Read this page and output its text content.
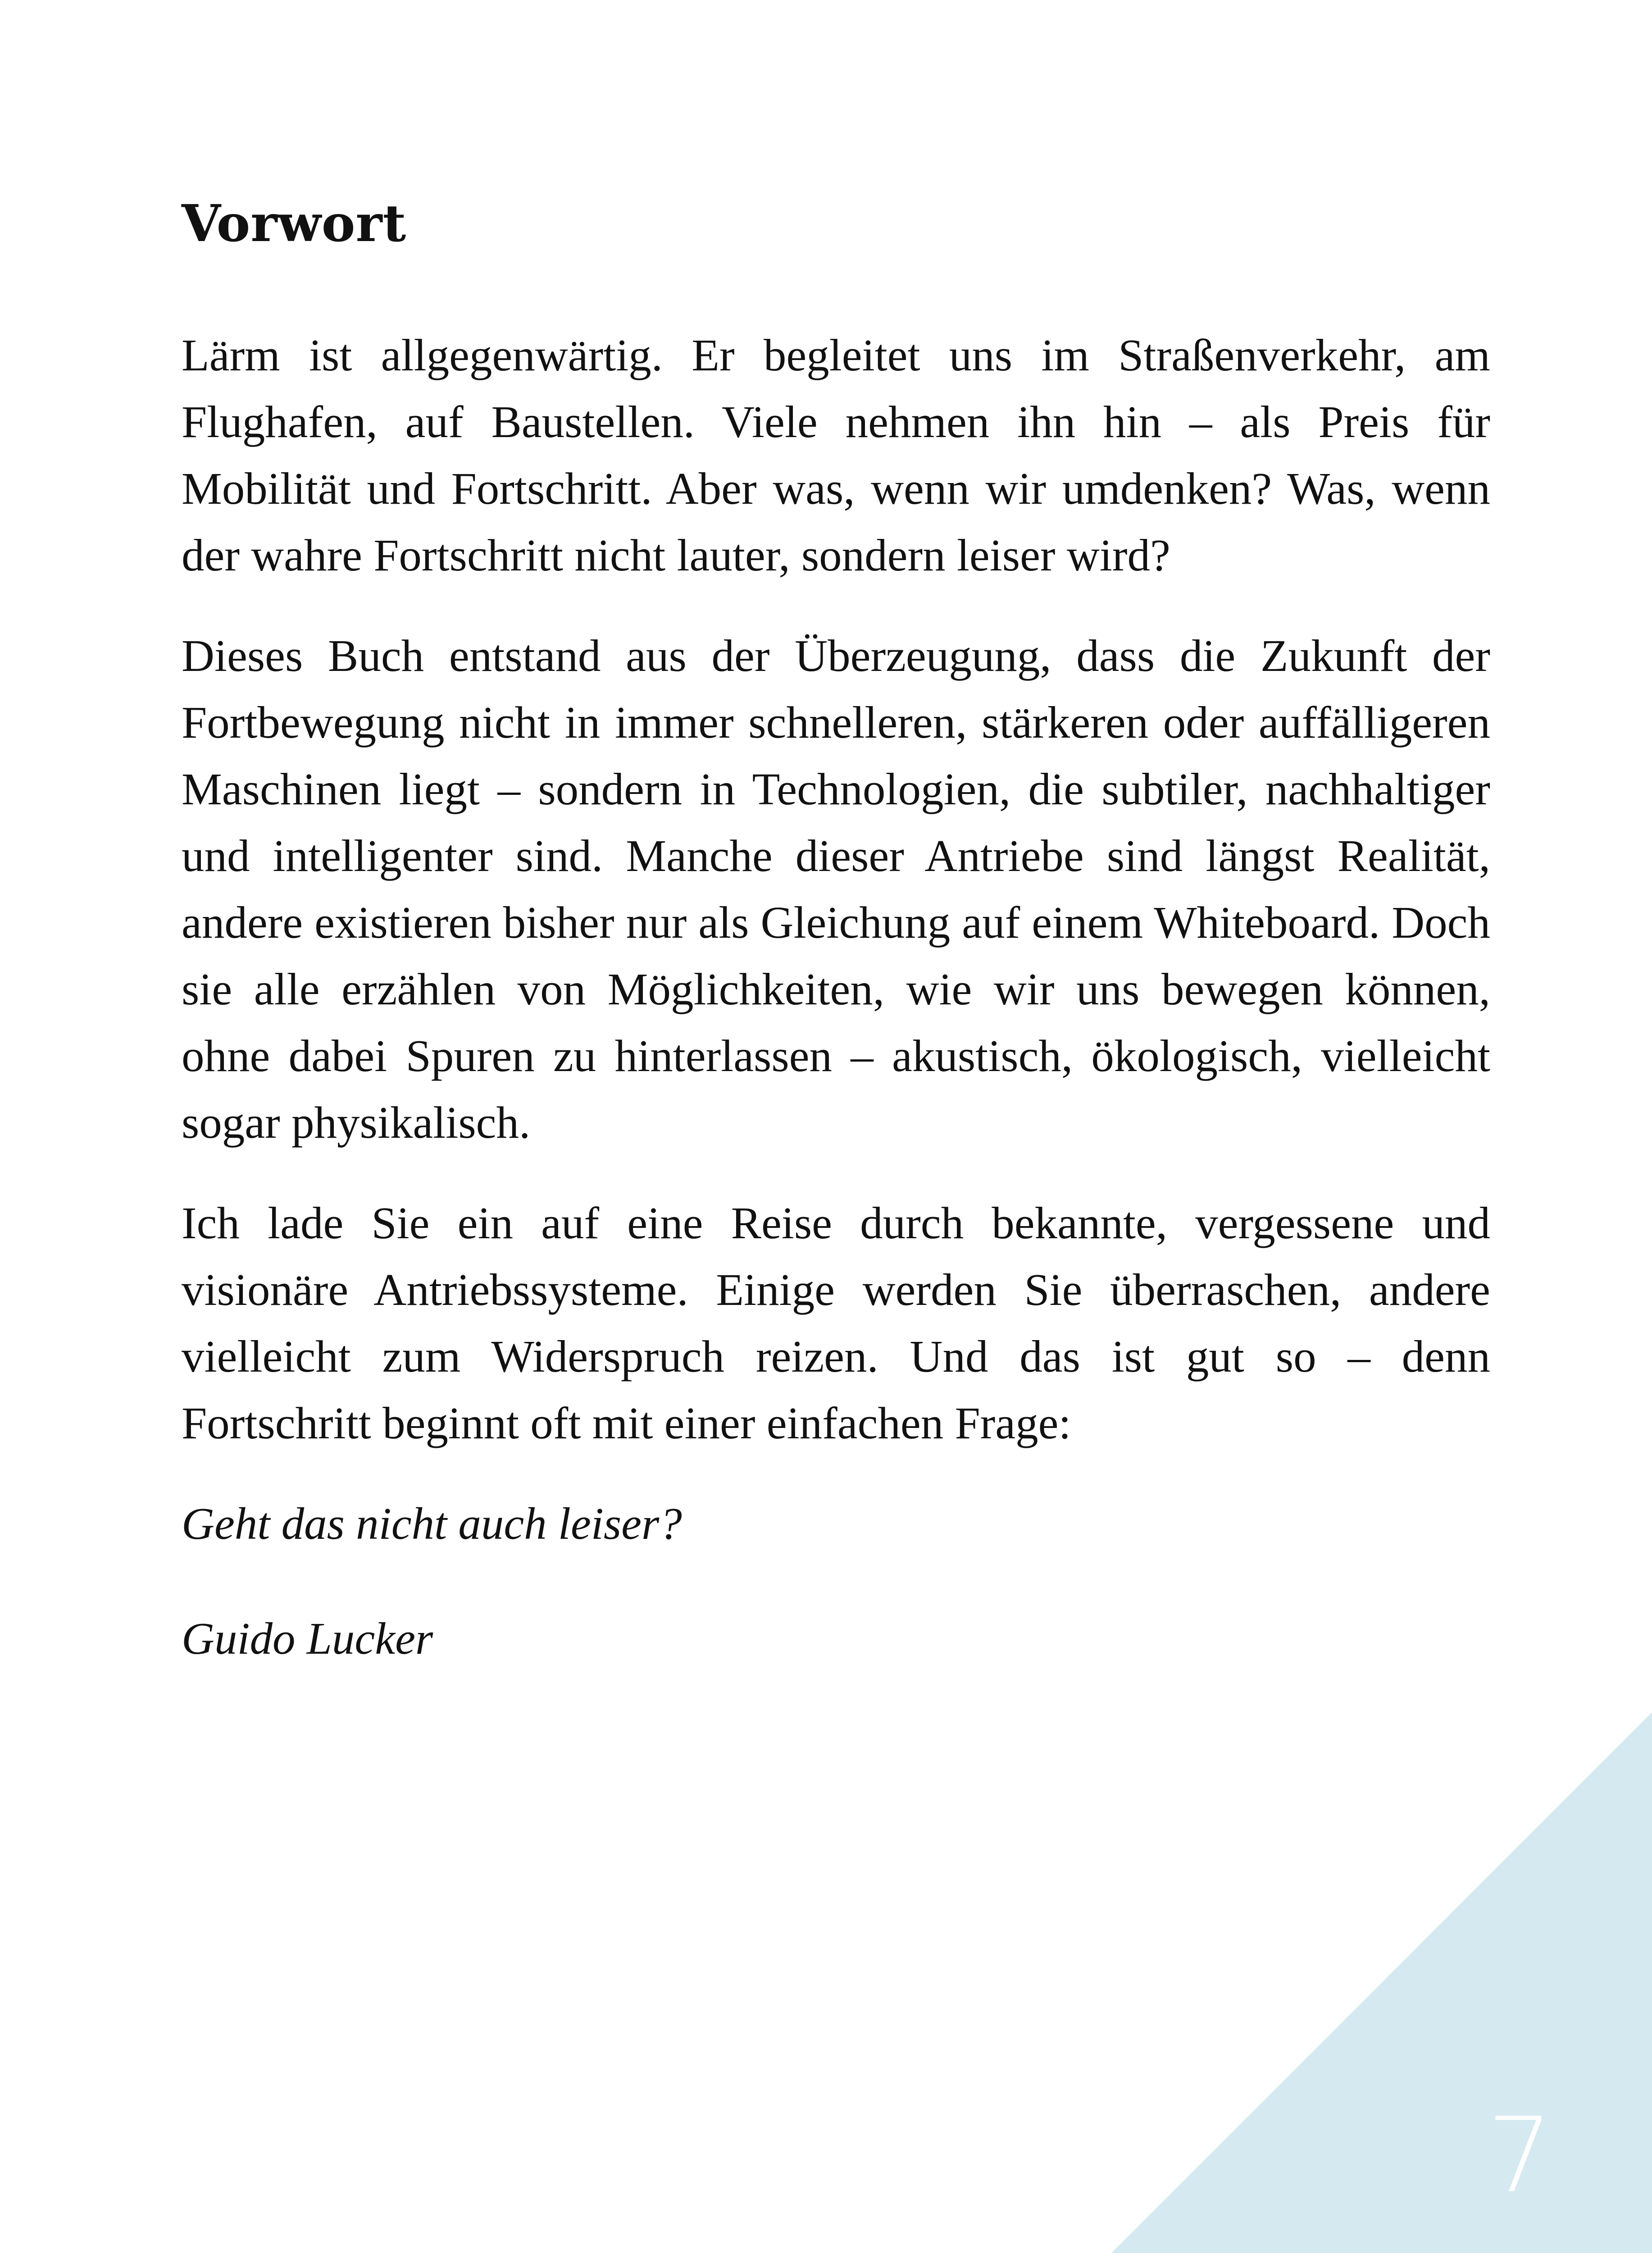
Vorwort

Lärm ist allgegenwärtig. Er begleitet uns im Straßenverkehr, am Flughafen, auf Baustellen. Viele nehmen ihn hin – als Preis für Mobilität und Fortschritt. Aber was, wenn wir umdenken? Was, wenn der wahre Fortschritt nicht lauter, sondern leiser wird?

Dieses Buch entstand aus der Überzeugung, dass die Zukunft der Fortbewegung nicht in immer schnelleren, stärkeren oder auffälligeren Maschinen liegt – sondern in Technologien, die subtiler, nachhaltiger und intelligenter sind. Manche dieser Antriebe sind längst Realität, andere existieren bisher nur als Gleichung auf einem Whiteboard. Doch sie alle erzählen von Möglichkeiten, wie wir uns bewegen können, ohne dabei Spuren zu hinterlassen – akustisch, ökologisch, vielleicht sogar physikalisch.

Ich lade Sie ein auf eine Reise durch bekannte, vergessene und visionäre Antriebssysteme. Einige werden Sie überraschen, andere vielleicht zum Widerspruch reizen. Und das ist gut so – denn Fortschritt beginnt oft mit einer einfachen Frage:

Geht das nicht auch leiser?

Guido Lucker

7
